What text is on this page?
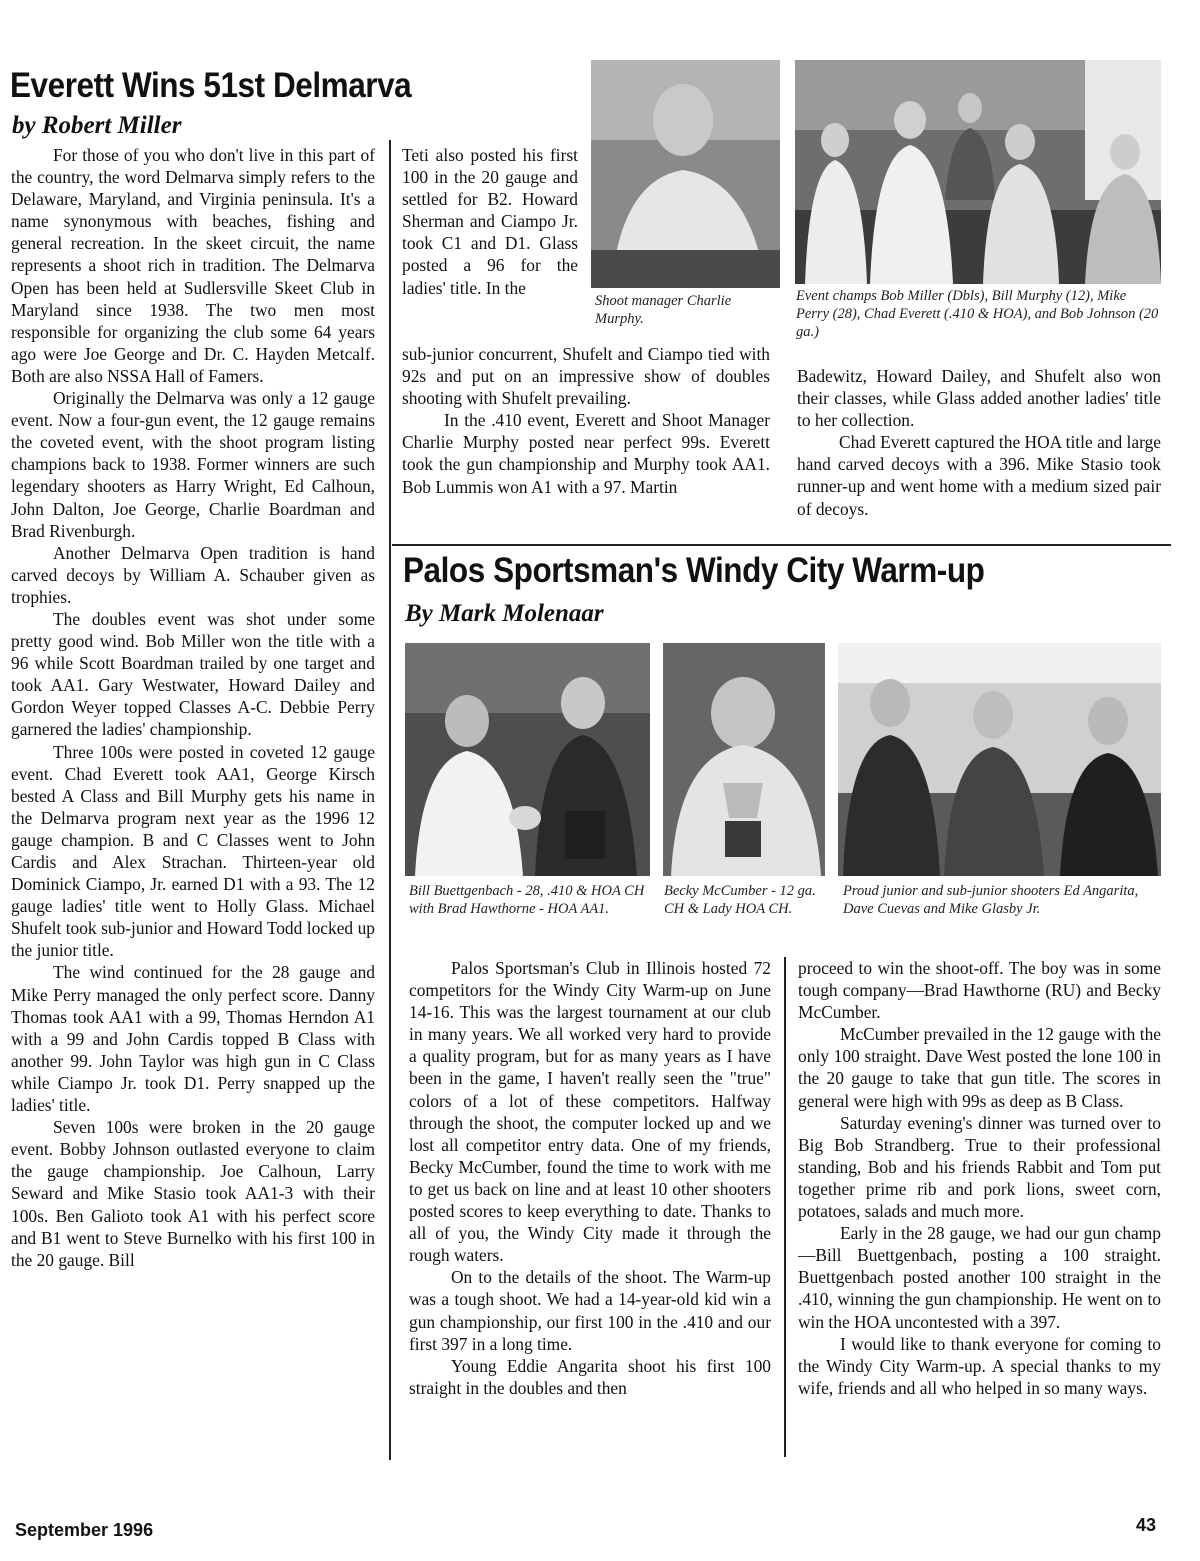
Everett Wins 51st Delmarva
by Robert Miller

For those of you who don't live in this part of the country, the word Delmarva simply refers to the Delaware, Maryland, and Virginia peninsula. It's a name synonymous with beaches, fishing and general recreation. In the skeet circuit, the name represents a shoot rich in tradition. The Delmarva Open has been held at Sudlersville Skeet Club in Maryland since 1938. The two men most responsible for organizing the club some 64 years ago were Joe George and Dr. C. Hayden Metcalf. Both are also NSSA Hall of Famers.

Originally the Delmarva was only a 12 gauge event. Now a four-gun event, the 12 gauge remains the coveted event, with the shoot program listing champions back to 1938. Former winners are such legendary shooters as Harry Wright, Ed Calhoun, John Dalton, Joe George, Charlie Boardman and Brad Rivenburgh.

Another Delmarva Open tradition is hand carved decoys by William A. Schauber given as trophies.

The doubles event was shot under some pretty good wind. Bob Miller won the title with a 96 while Scott Boardman trailed by one target and took AA1. Gary Westwater, Howard Dailey and Gordon Weyer topped Classes A-C. Debbie Perry garnered the ladies' championship.

Three 100s were posted in coveted 12 gauge event. Chad Everett took AA1, George Kirsch bested A Class and Bill Murphy gets his name in the Delmarva program next year as the 1996 12 gauge champion. B and C Classes went to John Cardis and Alex Strachan. Thirteen-year old Dominick Ciampo, Jr. earned D1 with a 93. The 12 gauge ladies' title went to Holly Glass. Michael Shufelt took sub-junior and Howard Todd locked up the junior title.

The wind continued for the 28 gauge and Mike Perry managed the only perfect score. Danny Thomas took AA1 with a 99, Thomas Herndon A1 with a 99 and John Cardis topped B Class with another 99. John Taylor was high gun in C Class while Ciampo Jr. took D1. Perry snapped up the ladies' title.

Seven 100s were broken in the 20 gauge event. Bobby Johnson outlasted everyone to claim the gauge championship. Joe Calhoun, Larry Seward and Mike Stasio took AA1-3 with their 100s. Ben Galioto took A1 with his perfect score and B1 went to Steve Burnelko with his first 100 in the 20 gauge. Bill

Teti also posted his first 100 in the 20 gauge and settled for B2. Howard Sherman and Ciampo Jr. took C1 and D1. Glass posted a 96 for the ladies' title. In the

Shoot manager Charlie Murphy.

sub-junior concurrent, Shufelt and Ciampo tied with 92s and put on an impressive show of doubles shooting with Shufelt prevailing.

In the .410 event, Everett and Shoot Manager Charlie Murphy posted near perfect 99s. Everett took the gun championship and Murphy took AA1. Bob Lummis won A1 with a 97. Martin

Event champs Bob Miller (Dbls), Bill Murphy (12), Mike Perry (28), Chad Everett (.410 & HOA), and Bob Johnson (20 ga.)

Badewitz, Howard Dailey, and Shufelt also won their classes, while Glass added another ladies' title to her collection.

Chad Everett captured the HOA title and large hand carved decoys with a 396. Mike Stasio took runner-up and went home with a medium sized pair of decoys.

Palos Sportsman's Windy City Warm-up
By Mark Molenaar
Bill Buettgenbach - 28, .410 & HOA CH with Brad Hawthorne - HOA AA1.
Becky McCumber - 12 ga. CH & Lady HOA CH.
Proud junior and sub-junior shooters Ed Angarita, Dave Cuevas and Mike Glasby Jr.

Palos Sportsman's Club in Illinois hosted 72 competitors for the Windy City Warm-up on June 14-16. This was the largest tournament at our club in many years. We all worked very hard to provide a quality program, but for as many years as I have been in the game, I haven't really seen the "true" colors of a lot of these competitors. Halfway through the shoot, the computer locked up and we lost all competitor entry data. One of my friends, Becky McCumber, found the time to work with me to get us back on line and at least 10 other shooters posted scores to keep everything to date. Thanks to all of you, the Windy City made it through the rough waters.

On to the details of the shoot. The Warm-up was a tough shoot. We had a 14-year-old kid win a gun championship, our first 100 in the .410 and our first 397 in a long time.

Young Eddie Angarita shoot his first 100 straight in the doubles and then

proceed to win the shoot-off. The boy was in some tough company—Brad Hawthorne (RU) and Becky McCumber.

McCumber prevailed in the 12 gauge with the only 100 straight. Dave West posted the lone 100 in the 20 gauge to take that gun title. The scores in general were high with 99s as deep as B Class.

Saturday evening's dinner was turned over to Big Bob Strandberg. True to their professional standing, Bob and his friends Rabbit and Tom put together prime rib and pork lions, sweet corn, potatoes, salads and much more.

Early in the 28 gauge, we had our gun champ—Bill Buettgenbach, posting a 100 straight. Buettgenbach posted another 100 straight in the .410, winning the gun championship. He went on to win the HOA uncontested with a 397.

I would like to thank everyone for coming to the Windy City Warm-up. A special thanks to my wife, friends and all who helped in so many ways.

September 1996	43
